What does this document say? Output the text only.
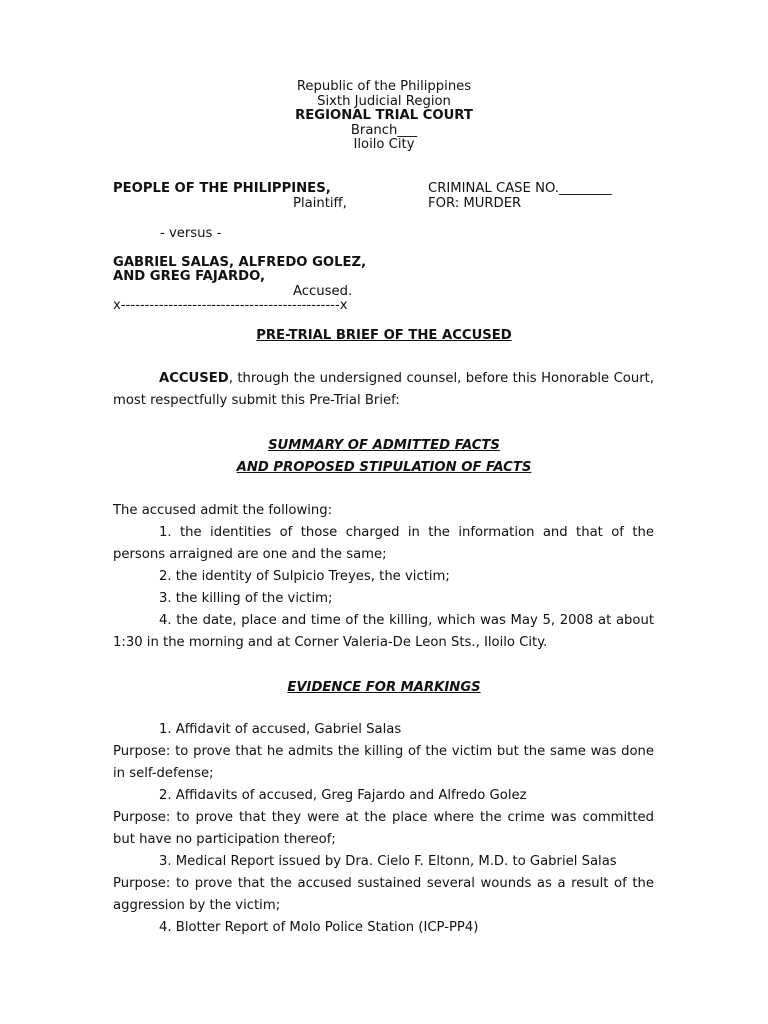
Republic of the Philippines
Sixth Judicial Region
REGIONAL TRIAL COURT
Branch___
Iloilo City
PEOPLE OF THE PHILIPPINES,
Plaintiff,
CRIMINAL CASE NO.________
FOR: MURDER
- versus -
GABRIEL SALAS, ALFREDO GOLEZ,
AND GREG FAJARDO,
Accused.
x----------------------------------------------x
PRE-TRIAL BRIEF OF THE ACCUSED
ACCUSED, through the undersigned counsel, before this Honorable Court, most respectfully submit this Pre-Trial Brief:
SUMMARY OF ADMITTED FACTS
AND PROPOSED STIPULATION OF FACTS
The accused admit the following:
1. the identities of those charged in the information and that of the persons arraigned are one and the same;
2. the identity of Sulpicio Treyes, the victim;
3. the killing of the victim;
4. the date, place and time of the killing, which was May 5, 2008 at about 1:30 in the morning and at Corner Valeria-De Leon Sts., Iloilo City.
EVIDENCE FOR MARKINGS
1. Affidavit of accused, Gabriel Salas
Purpose: to prove that he admits the killing of the victim but the same was done in self-defense;
2. Affidavits of accused, Greg Fajardo and Alfredo Golez
Purpose: to prove that they were at the place where the crime was committed but have no participation thereof;
3. Medical Report issued by Dra. Cielo F. Eltonn, M.D. to Gabriel Salas
Purpose: to prove that the accused sustained several wounds as a result of the aggression by the victim;
4. Blotter Report of Molo Police Station (ICP-PP4)
